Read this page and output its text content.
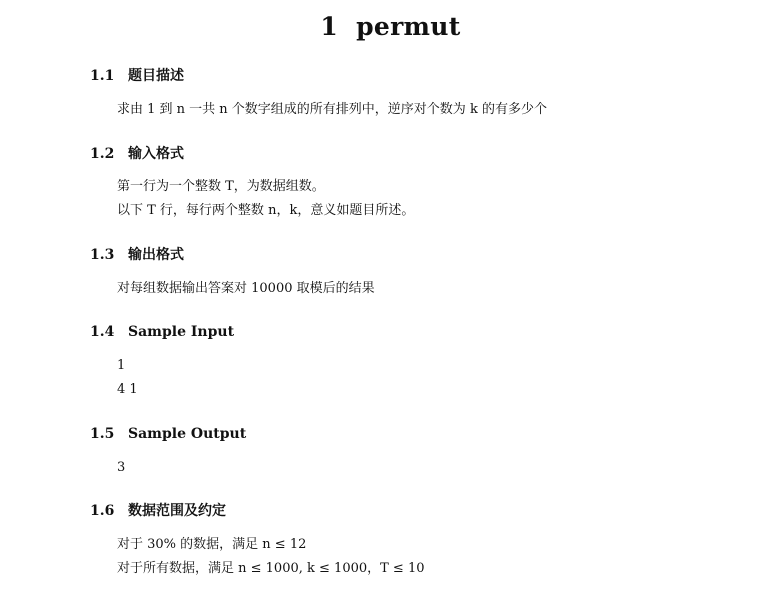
1 permut
1.1 题目描述
求由 1 到 n 一共 n 个数字组成的所有排列中，逆序对个数为 k 的有多少个
1.2 输入格式
第一行为一个整数 T，为数据组数。
以下 T 行，每行两个整数 n，k，意义如题目所述。
1.3 输出格式
对每组数据输出答案对 10000 取模后的结果
1.4 Sample Input
1
4 1
1.5 Sample Output
3
1.6 数据范围及约定
对于 30% 的数据，满足 n ≤ 12
对于所有数据，满足 n ≤ 1000, k ≤ 1000，T ≤ 10
